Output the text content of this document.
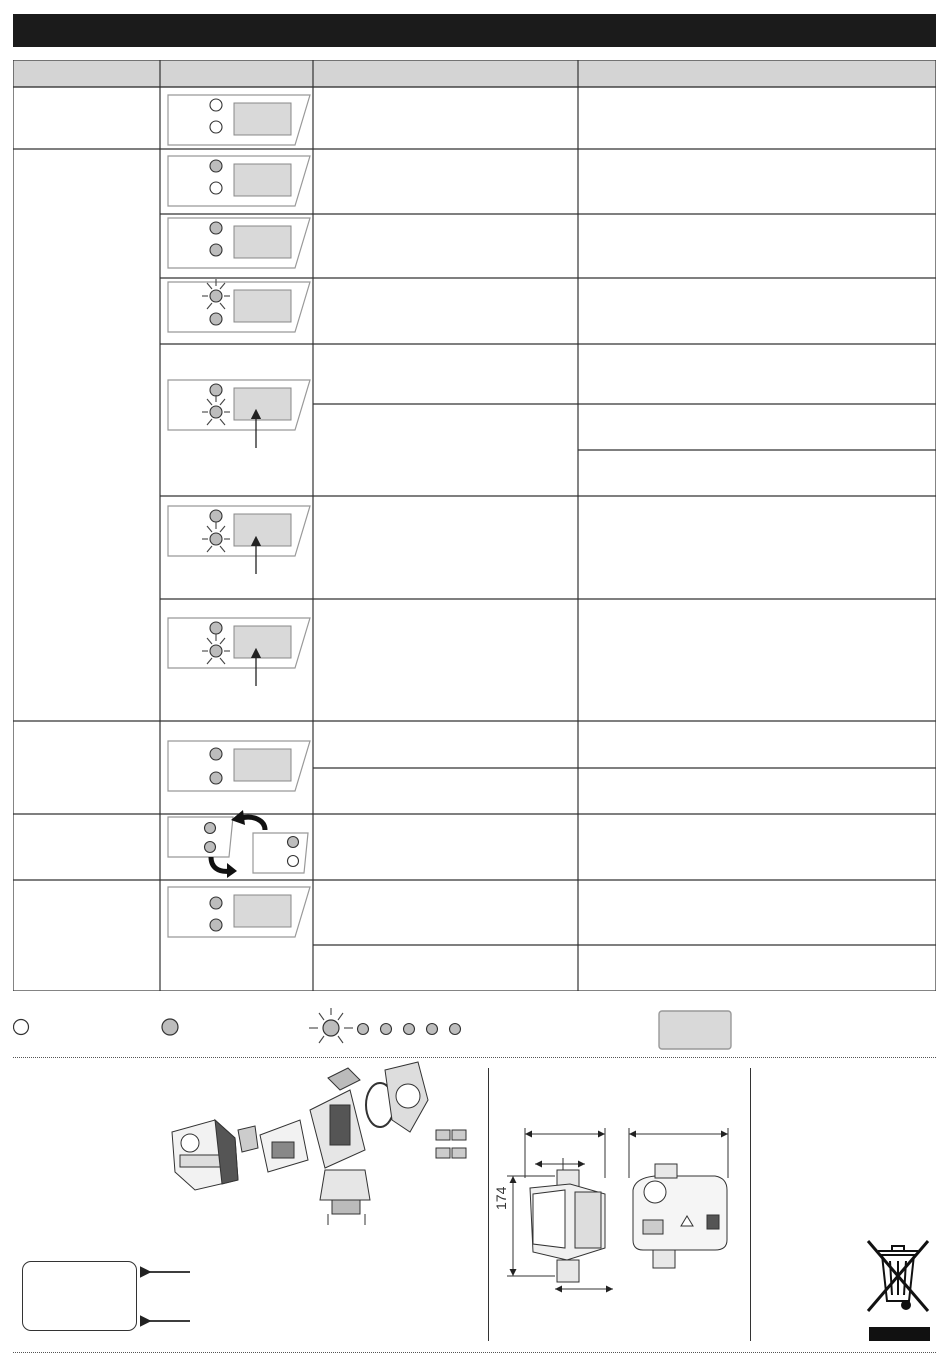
174
